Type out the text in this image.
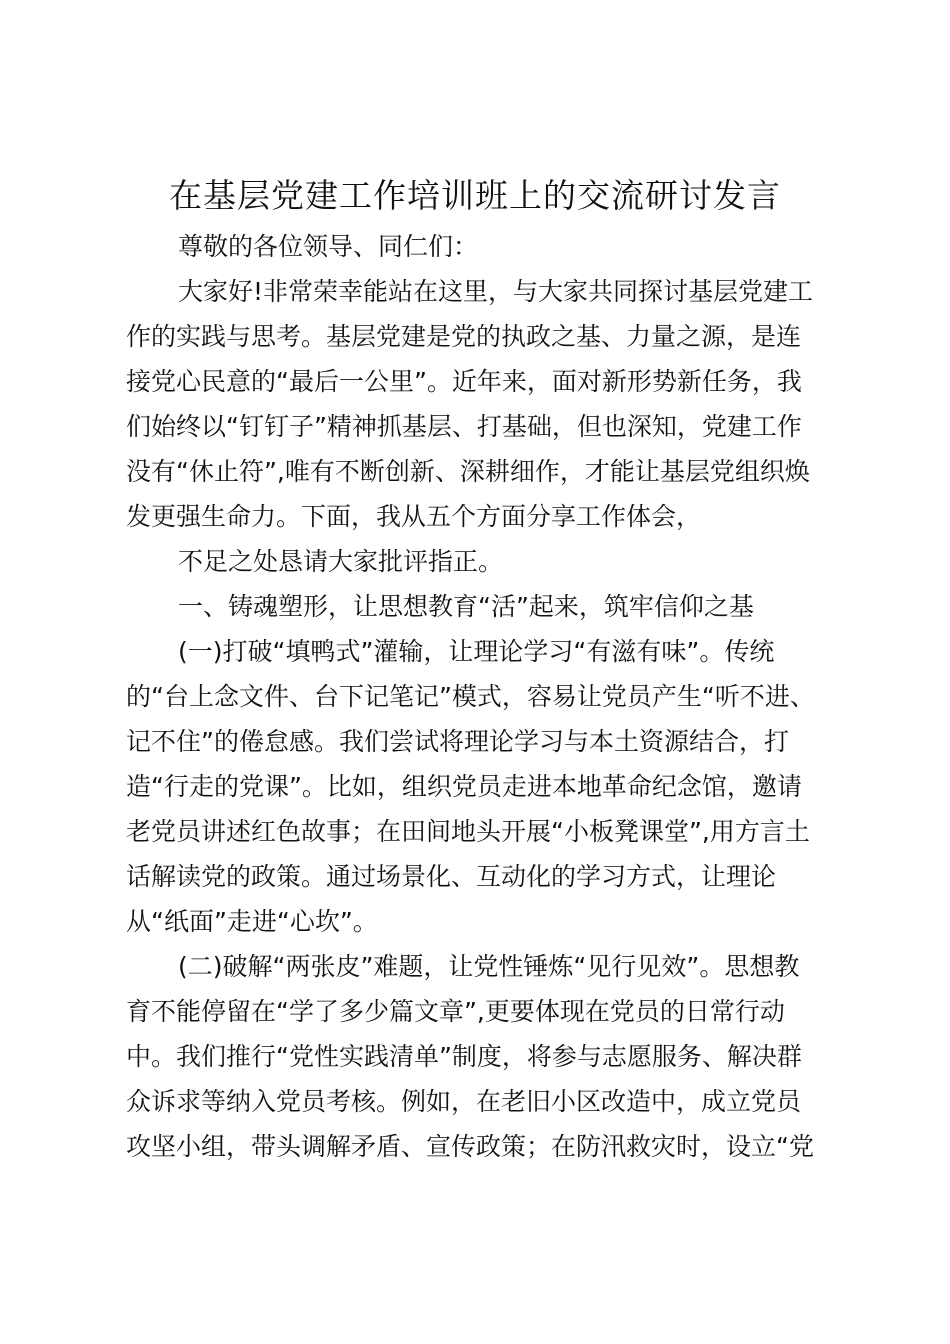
在基层党建工作培训班上的交流研讨发言
尊敬的各位领导、同仁们：
大家好!非常荣幸能站在这里，与大家共同探讨基层党建工
作的实践与思考。基层党建是党的执政之基、力量之源，是连
接党心民意的“最后一公里”。近年来，面对新形势新任务，我
们始终以“钉钉子”精神抓基层、打基础，但也深知，党建工作
没有“休止符”,唯有不断创新、深耕细作，才能让基层党组织焕
发更强生命力。下面，我从五个方面分享工作体会，
不足之处恳请大家批评指正。
一、铸魂塑形，让思想教育“活”起来，筑牢信仰之基
(一)打破“填鸭式”灌输，让理论学习“有滋有味”。传统
的“台上念文件、台下记笔记”模式，容易让党员产生“听不进、
记不住”的倦怠感。我们尝试将理论学习与本土资源结合，打
造“行走的党课”。比如，组织党员走进本地革命纪念馆，邀请
老党员讲述红色故事；在田间地头开展“小板凳课堂”,用方言土
话解读党的政策。通过场景化、互动化的学习方式，让理论
从“纸面”走进“心坎”。
(二)破解“两张皮”难题，让党性锤炼“见行见效”。思想教
育不能停留在“学了多少篇文章”,更要体现在党员的日常行动
中。我们推行“党性实践清单”制度，将参与志愿服务、解决群
众诉求等纳入党员考核。例如，在老旧小区改造中，成立党员
攻坚小组，带头调解矛盾、宣传政策；在防汛救灾时，设立“党
